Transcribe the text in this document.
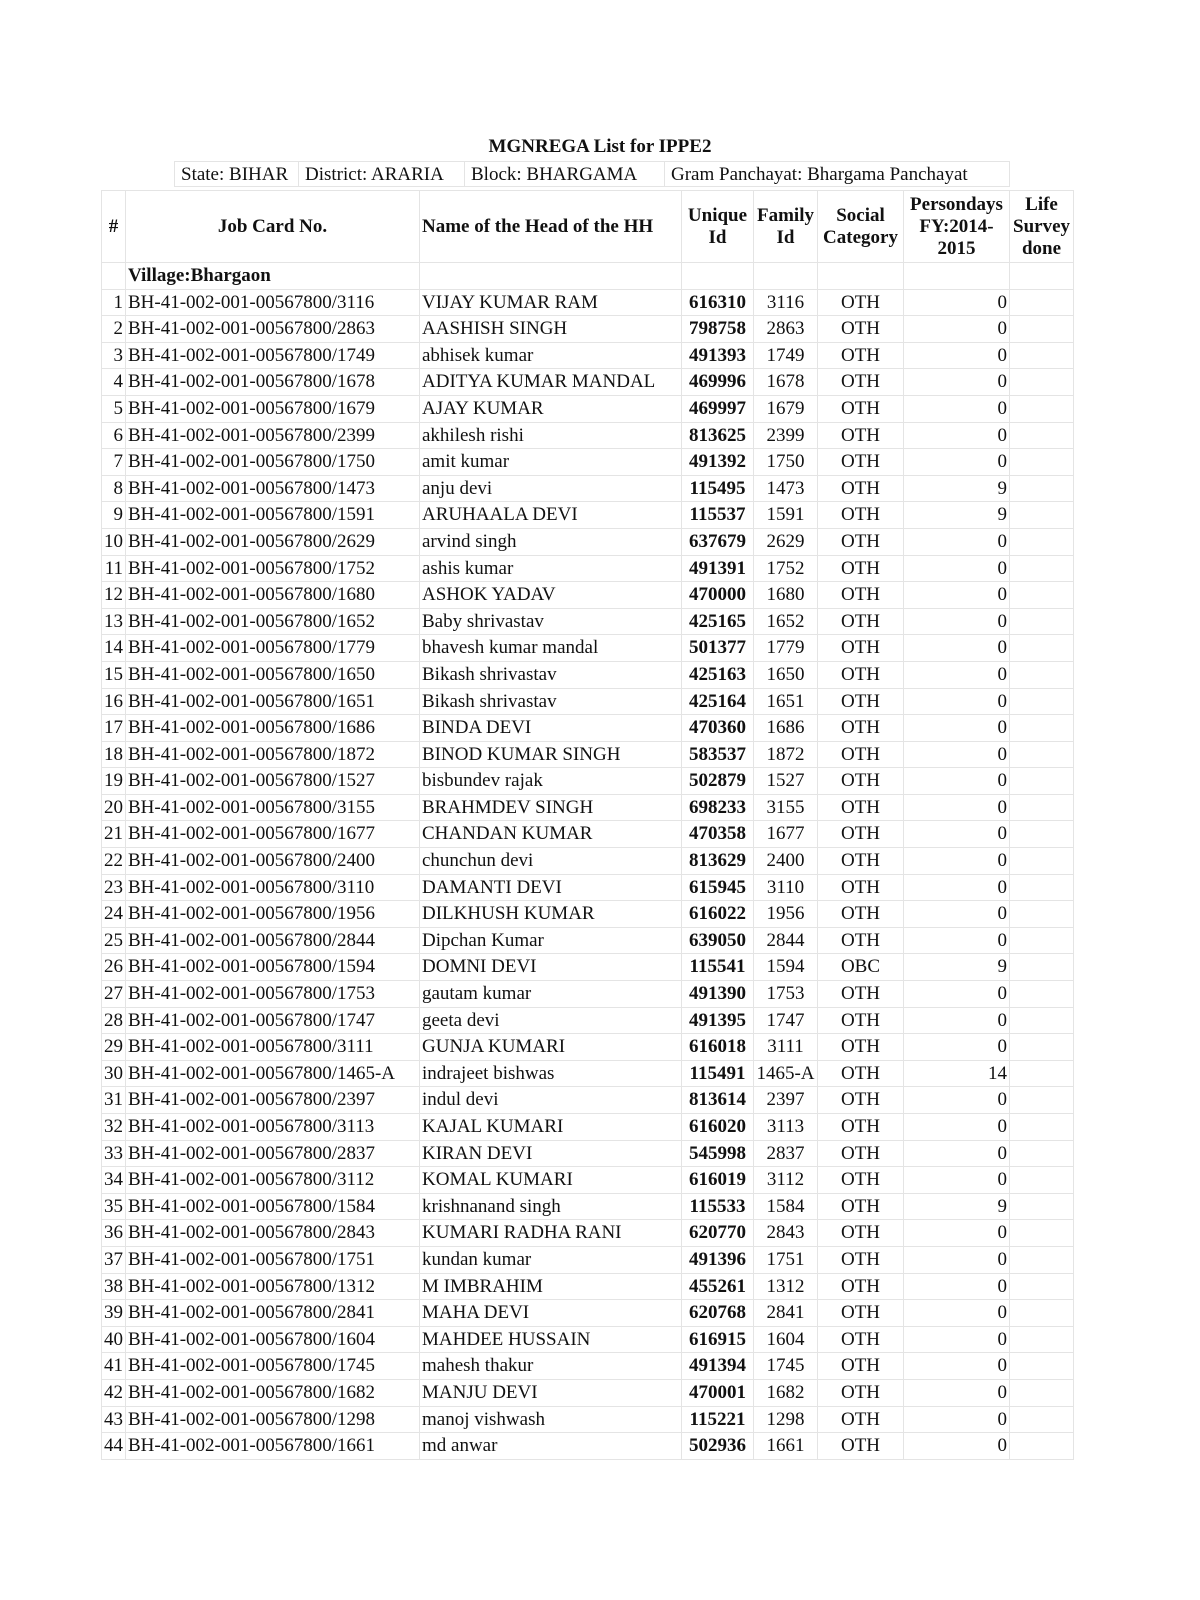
MGNREGA List for IPPE2
State: BIHAR District: ARARIA	Block: BHARGAMA	Gram Panchayat: Bhargama Panchayat
#	Job Card No.	Name of the Head of the HH	Unique Id	Family Id	Social Category	Persondays FY:2014-2015	Life Survey done
	Village:Bhargaon						
1	BH-41-002-001-00567800/3116	VIJAY KUMAR RAM	616310	3116	OTH	0	
2	BH-41-002-001-00567800/2863	AASHISH SINGH	798758	2863	OTH	0	
3	BH-41-002-001-00567800/1749	abhisek kumar	491393	1749	OTH	0	
4	BH-41-002-001-00567800/1678	ADITYA KUMAR MANDAL	469996	1678	OTH	0	
5	BH-41-002-001-00567800/1679	AJAY KUMAR	469997	1679	OTH	0	
6	BH-41-002-001-00567800/2399	akhilesh rishi	813625	2399	OTH	0	
7	BH-41-002-001-00567800/1750	amit kumar	491392	1750	OTH	0	
8	BH-41-002-001-00567800/1473	anju devi	115495	1473	OTH	9	
9	BH-41-002-001-00567800/1591	ARUHAALA DEVI	115537	1591	OTH	9	
10	BH-41-002-001-00567800/2629	arvind singh	637679	2629	OTH	0	
11	BH-41-002-001-00567800/1752	ashis kumar	491391	1752	OTH	0	
12	BH-41-002-001-00567800/1680	ASHOK YADAV	470000	1680	OTH	0	
13	BH-41-002-001-00567800/1652	Baby shrivastav	425165	1652	OTH	0	
14	BH-41-002-001-00567800/1779	bhavesh kumar mandal	501377	1779	OTH	0	
15	BH-41-002-001-00567800/1650	Bikash shrivastav	425163	1650	OTH	0	
16	BH-41-002-001-00567800/1651	Bikash shrivastav	425164	1651	OTH	0	
17	BH-41-002-001-00567800/1686	BINDA DEVI	470360	1686	OTH	0	
18	BH-41-002-001-00567800/1872	BINOD KUMAR SINGH	583537	1872	OTH	0	
19	BH-41-002-001-00567800/1527	bisbundev rajak	502879	1527	OTH	0	
20	BH-41-002-001-00567800/3155	BRAHMDEV SINGH	698233	3155	OTH	0	
21	BH-41-002-001-00567800/1677	CHANDAN KUMAR	470358	1677	OTH	0	
22	BH-41-002-001-00567800/2400	chunchun devi	813629	2400	OTH	0	
23	BH-41-002-001-00567800/3110	DAMANTI DEVI	615945	3110	OTH	0	
24	BH-41-002-001-00567800/1956	DILKHUSH KUMAR	616022	1956	OTH	0	
25	BH-41-002-001-00567800/2844	Dipchan Kumar	639050	2844	OTH	0	
26	BH-41-002-001-00567800/1594	DOMNI DEVI	115541	1594	OBC	9	
27	BH-41-002-001-00567800/1753	gautam kumar	491390	1753	OTH	0	
28	BH-41-002-001-00567800/1747	geeta devi	491395	1747	OTH	0	
29	BH-41-002-001-00567800/3111	GUNJA KUMARI	616018	3111	OTH	0	
30	BH-41-002-001-00567800/1465-A	indrajeet bishwas	115491	1465-A	OTH	14	
31	BH-41-002-001-00567800/2397	indul devi	813614	2397	OTH	0	
32	BH-41-002-001-00567800/3113	KAJAL KUMARI	616020	3113	OTH	0	
33	BH-41-002-001-00567800/2837	KIRAN DEVI	545998	2837	OTH	0	
34	BH-41-002-001-00567800/3112	KOMAL KUMARI	616019	3112	OTH	0	
35	BH-41-002-001-00567800/1584	krishnanand singh	115533	1584	OTH	9	
36	BH-41-002-001-00567800/2843	KUMARI RADHA RANI	620770	2843	OTH	0	
37	BH-41-002-001-00567800/1751	kundan kumar	491396	1751	OTH	0	
38	BH-41-002-001-00567800/1312	M IMBRAHIM	455261	1312	OTH	0	
39	BH-41-002-001-00567800/2841	MAHA DEVI	620768	2841	OTH	0	
40	BH-41-002-001-00567800/1604	MAHDEE HUSSAIN	616915	1604	OTH	0	
41	BH-41-002-001-00567800/1745	mahesh thakur	491394	1745	OTH	0	
42	BH-41-002-001-00567800/1682	MANJU DEVI	470001	1682	OTH	0	
43	BH-41-002-001-00567800/1298	manoj vishwash	115221	1298	OTH	0	
44	BH-41-002-001-00567800/1661	md anwar	502936	1661	OTH	0	
